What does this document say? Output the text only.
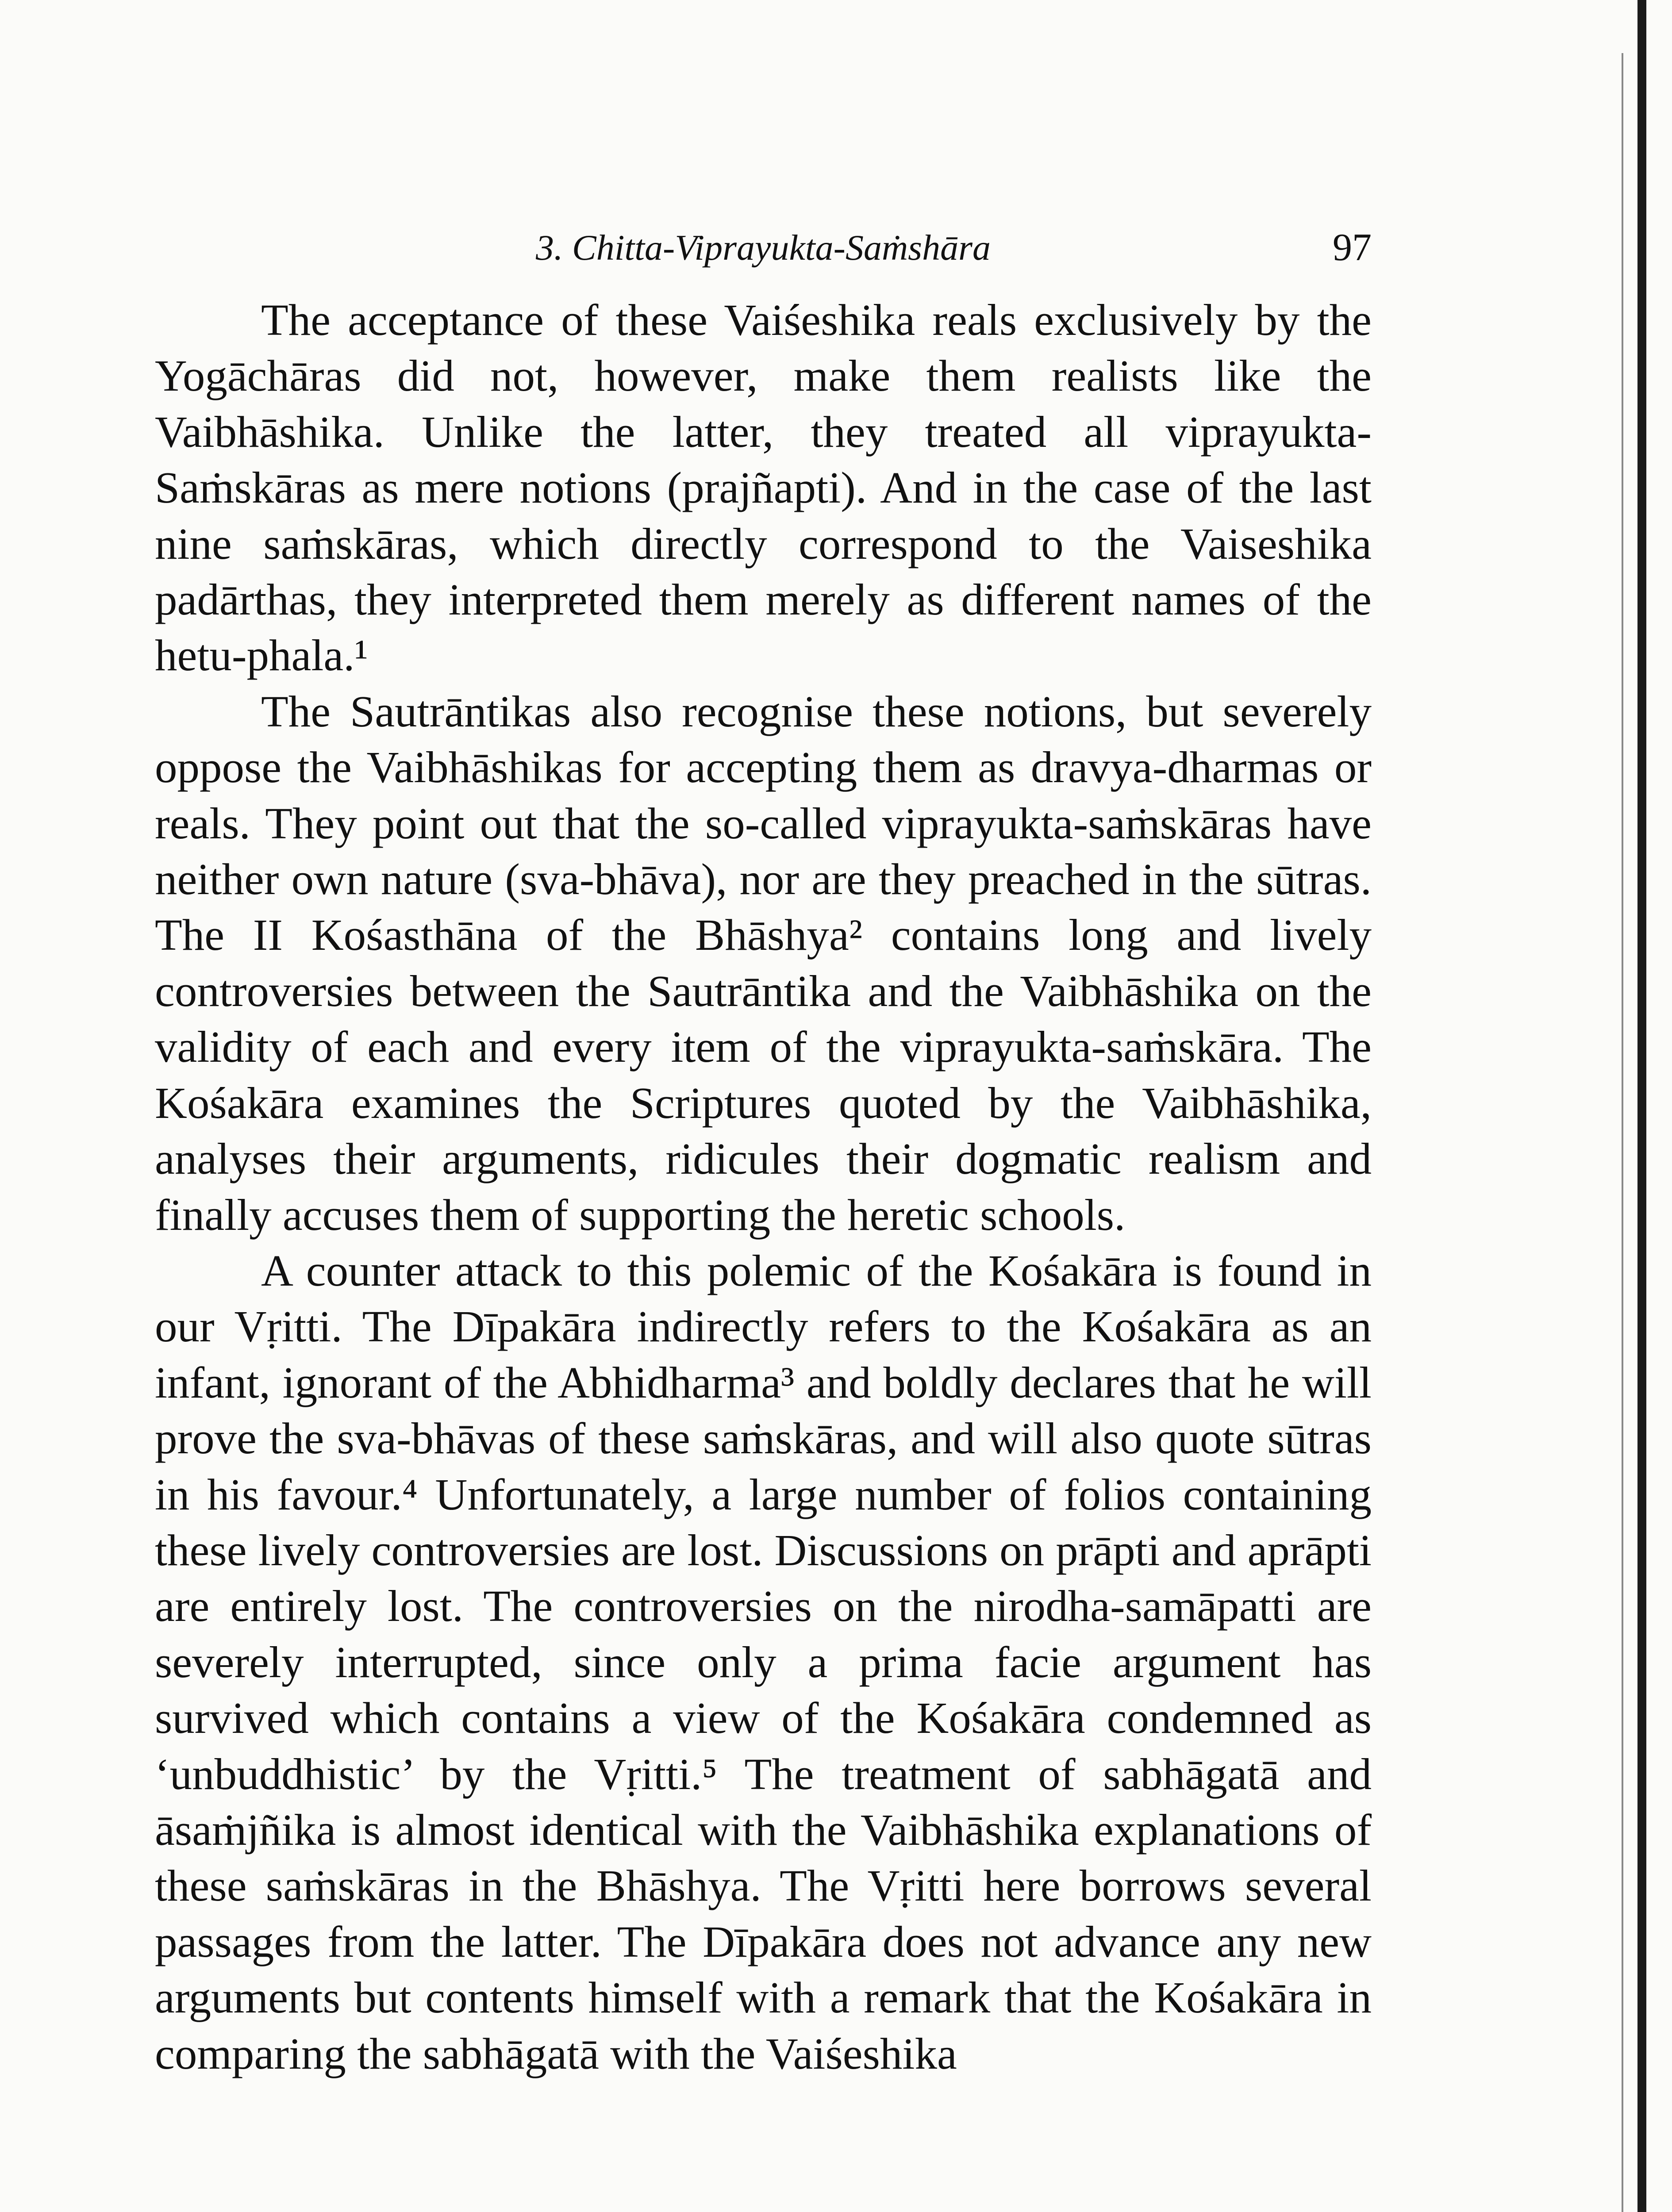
3. Chitta-Viprayukta-Saṁshāra	97

The acceptance of these Vaiśeshika reals exclusively by the Yogāchāras did not, however, make them realists like the Vaibhāshika. Unlike the latter, they treated all viprayukta-Saṁskāras as mere notions (prajñapti). And in the case of the last nine saṁskāras, which directly correspond to the Vaiseshika padārthas, they interpreted them merely as different names of the hetu-phala.¹

The Sautrāntikas also recognise these notions, but severely oppose the Vaibhāshikas for accepting them as dravya-dharmas or reals. They point out that the so-called viprayukta-saṁskāras have neither own nature (sva-bhāva), nor are they preached in the sūtras. The II Kośasthāna of the Bhāshya² contains long and lively controversies between the Sautrāntika and the Vaibhāshika on the validity of each and every item of the viprayukta-saṁskāra. The Kośakāra examines the Scriptures quoted by the Vaibhāshika, analyses their arguments, ridicules their dogmatic realism and finally accuses them of supporting the heretic schools.

A counter attack to this polemic of the Kośakāra is found in our Vṛitti. The Dīpakāra indirectly refers to the Kośakāra as an infant, ignorant of the Abhidharma³ and boldly declares that he will prove the sva-bhāvas of these saṁskāras, and will also quote sūtras in his favour.⁴ Unfortunately, a large number of folios containing these lively controversies are lost. Discussions on prāpti and aprāpti are entirely lost. The controversies on the nirodha-samāpatti are severely interrupted, since only a prima facie argument has survived which contains a view of the Kośakāra condemned as ‘unbuddhistic’ by the Vṛitti.⁵ The treatment of sabhāgatā and āsaṁjñika is almost identical with the Vaibhāshika explanations of these saṁskāras in the Bhāshya. The Vṛitti here borrows several passages from the latter. The Dīpakāra does not advance any new arguments but contents himself with a remark that the Kośakāra in comparing the sabhāgatā with the Vaiśeshika
